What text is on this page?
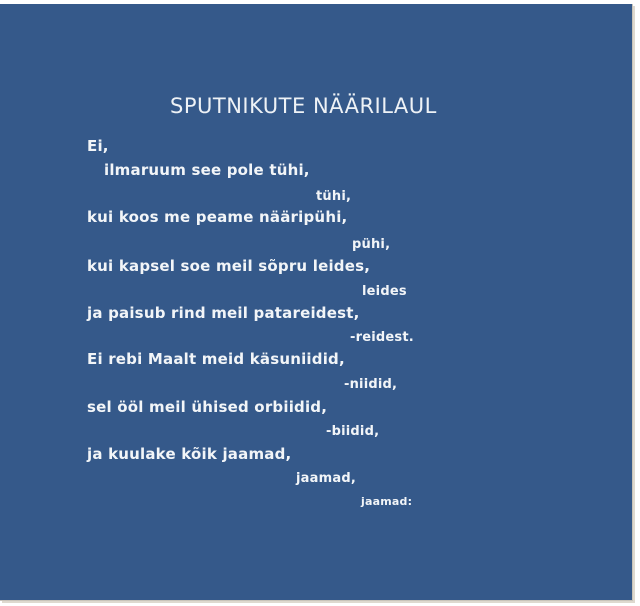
SPUTNIKUTE NÄÄRILAUL
Ei,
ilmaruum see pole tühi,
tühi,
kui koos me peame nääripühi,
pühi,
kui kapsel soe meil sõpru leides,
leides
ja paisub rind meil patareidest,
-reidest.
Ei rebi Maalt meid käsuniidid,
-niidid,
sel ööl meil ühised orbiidid,
-biidid,
ja kuulake kõik jaamad,
jaamad,
jaamad:
